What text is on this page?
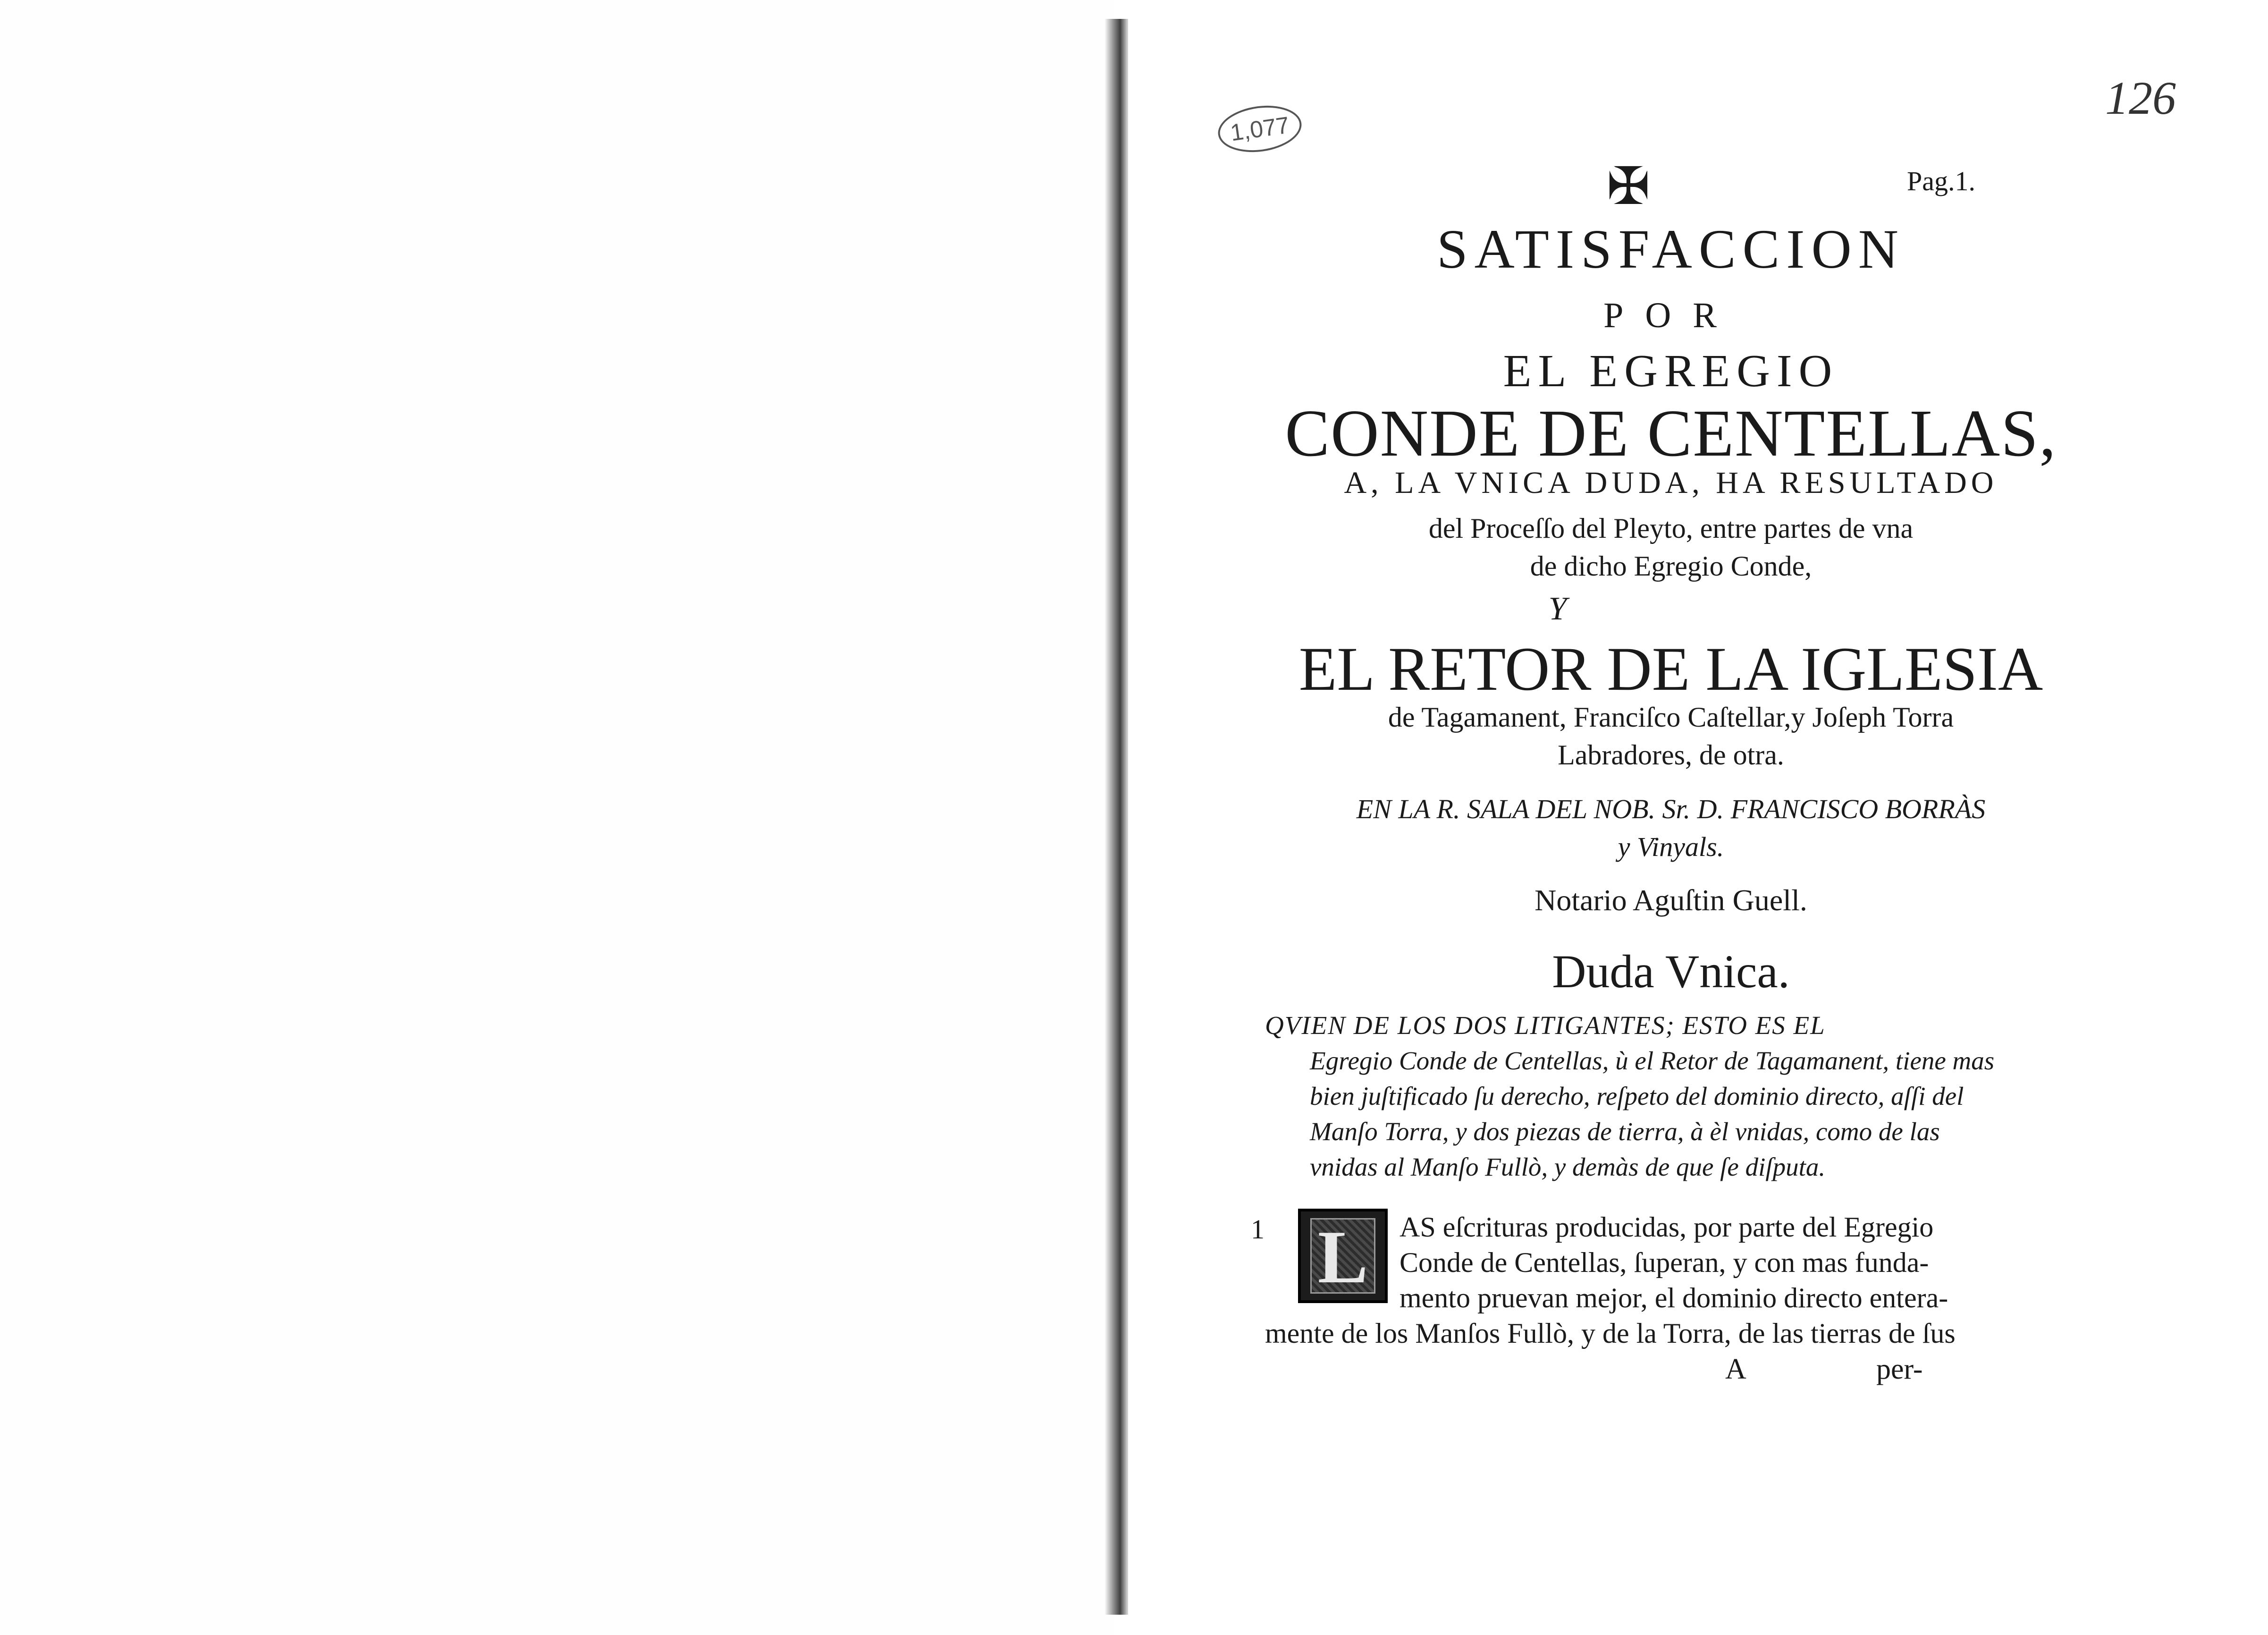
1,077
126
✠	Pag.1.
SATISFACCION
POR
EL EGREGIO
CONDE DE CENTELLAS,
A, LA VNICA DUDA, HA RESULTADO
del Proceſſo del Pleyto, entre partes de vna
de dicho Egregio Conde,
Y
EL RETOR DE LA IGLESIA
de Tagamanent, Franciſco Caſtellar,y Joſeph Torra
Labradores, de otra.
EN LA R. SALA DEL NOB. Sr. D. FRANCISCO BORRÀS
y Vinyals.
Notario Aguſtin Guell.
Duda Vnica.
QVIEN DE LOS DOS LITIGANTES; ESTO ES EL
Egregio Conde de Centellas, ù el Retor de Tagamanent, tiene mas
bien juſtificado ſu derecho, reſpeto del dominio directo, aſſi del
Manſo Torra, y dos piezas de tierra, à èl vnidas, como de las
vnidas al Manſo Fullò, y demàs de que ſe diſputa.
1 L	AS eſcrituras producidas, por parte del Egregio
Conde de Centellas, ſuperan, y con mas funda-
mento pruevan mejor, el dominio directo entera-
mente de los Manſos Fullò, y de la Torra, de las tierras de ſus
A	per-
